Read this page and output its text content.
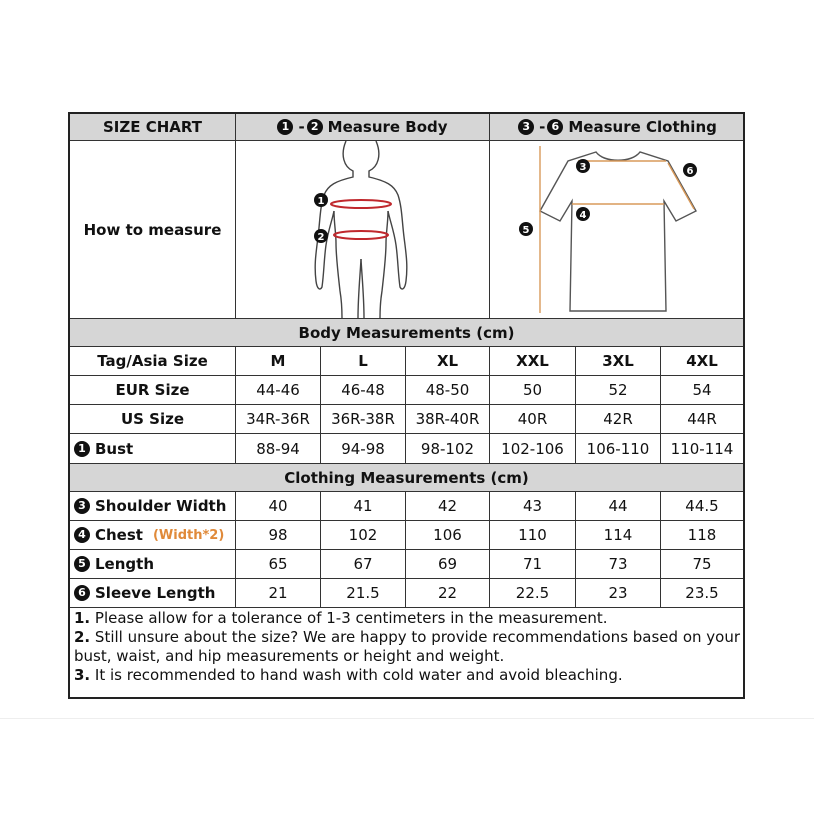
SIZE CHART	1 - 2 Measure Body	3 - 6 Measure Clothing
How to measure
1
2
3
4
5
6
Body Measurements (cm)
Tag/Asia Size	M	L	XL	XXL	3XL	4XL
EUR Size	44-46	46-48	48-50	50	52	54
US Size	34R-36R	36R-38R	38R-40R	40R	42R	44R
1 Bust	88-94	94-98	98-102	102-106	106-110	110-114
Clothing Measurements (cm)
3 Shoulder Width	40	41	42	43	44	44.5
4 Chest (Width*2)	98	102	106	110	114	118
5 Length	65	67	69	71	73	75
6 Sleeve Length	21	21.5	22	22.5	23	23.5
1. Please allow for a tolerance of 1-3 centimeters in the measurement.
2. Still unsure about the size? We are happy to provide recommendations based on your bust, waist, and hip measurements or height and weight.
3. It is recommended to hand wash with cold water and avoid bleaching.
